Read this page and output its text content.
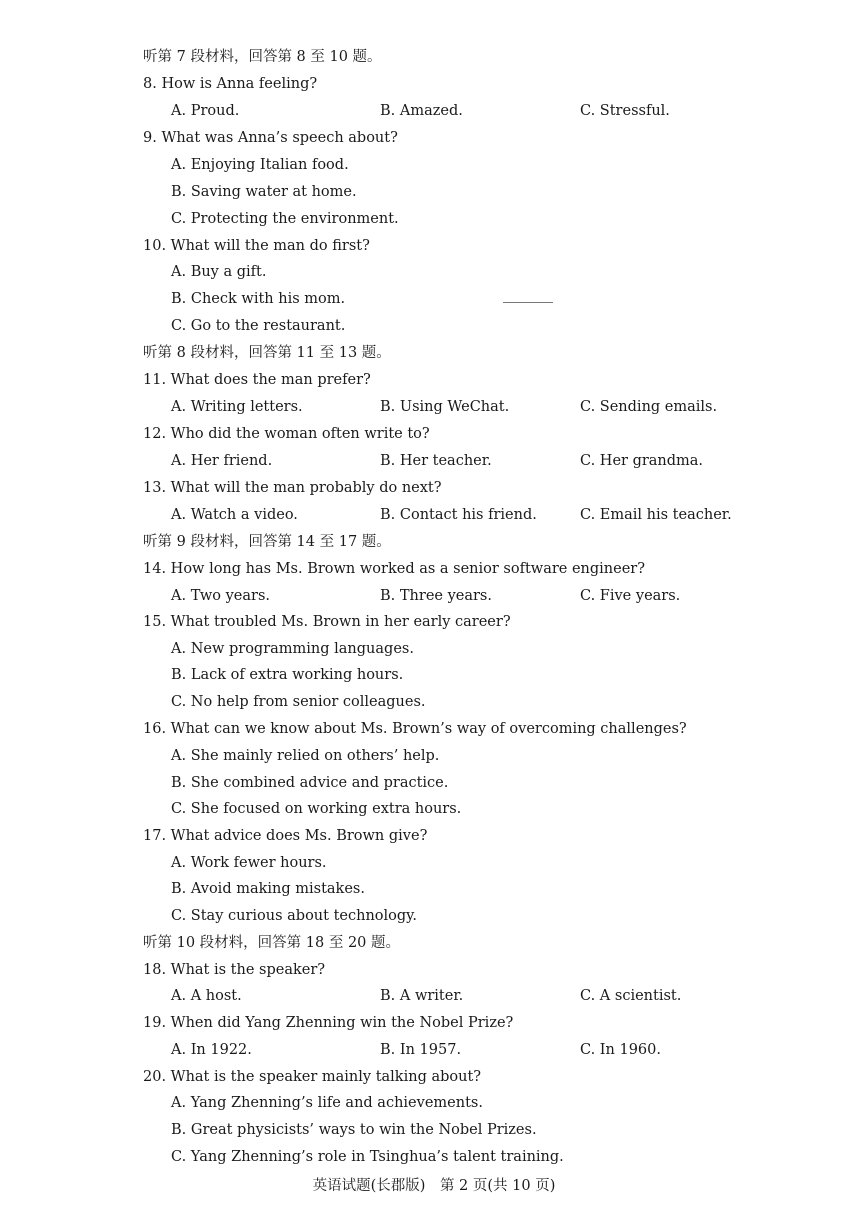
听第 7 段材料，回答第 8 至 10 题。
8. How is Anna feeling?
A. Proud.	B. Amazed.	C. Stressful.
9. What was Anna’s speech about?
A. Enjoying Italian food.
B. Saving water at home.
C. Protecting the environment.
10. What will the man do first?
A. Buy a gift.
B. Check with his mom.
C. Go to the restaurant.
听第 8 段材料，回答第 11 至 13 题。
11. What does the man prefer?
A. Writing letters.	B. Using WeChat.	C. Sending emails.
12. Who did the woman often write to?
A. Her friend.	B. Her teacher.	C. Her grandma.
13. What will the man probably do next?
A. Watch a video.	B. Contact his friend.	C. Email his teacher.
听第 9 段材料，回答第 14 至 17 题。
14. How long has Ms. Brown worked as a senior software engineer?
A. Two years.	B. Three years.	C. Five years.
15. What troubled Ms. Brown in her early career?
A. New programming languages.
B. Lack of extra working hours.
C. No help from senior colleagues.
16. What can we know about Ms. Brown’s way of overcoming challenges?
A. She mainly relied on others’ help.
B. She combined advice and practice.
C. She focused on working extra hours.
17. What advice does Ms. Brown give?
A. Work fewer hours.
B. Avoid making mistakes.
C. Stay curious about technology.
听第 10 段材料，回答第 18 至 20 题。
18. What is the speaker?
A. A host.	B. A writer.	C. A scientist.
19. When did Yang Zhenning win the Nobel Prize?
A. In 1922.	B. In 1957.	C. In 1960.
20. What is the speaker mainly talking about?
A. Yang Zhenning’s life and achievements.
B. Great physicists’ ways to win the Nobel Prizes.
C. Yang Zhenning’s role in Tsinghua’s talent training.
英语试题(长郡版)　第 2 页(共 10 页)
